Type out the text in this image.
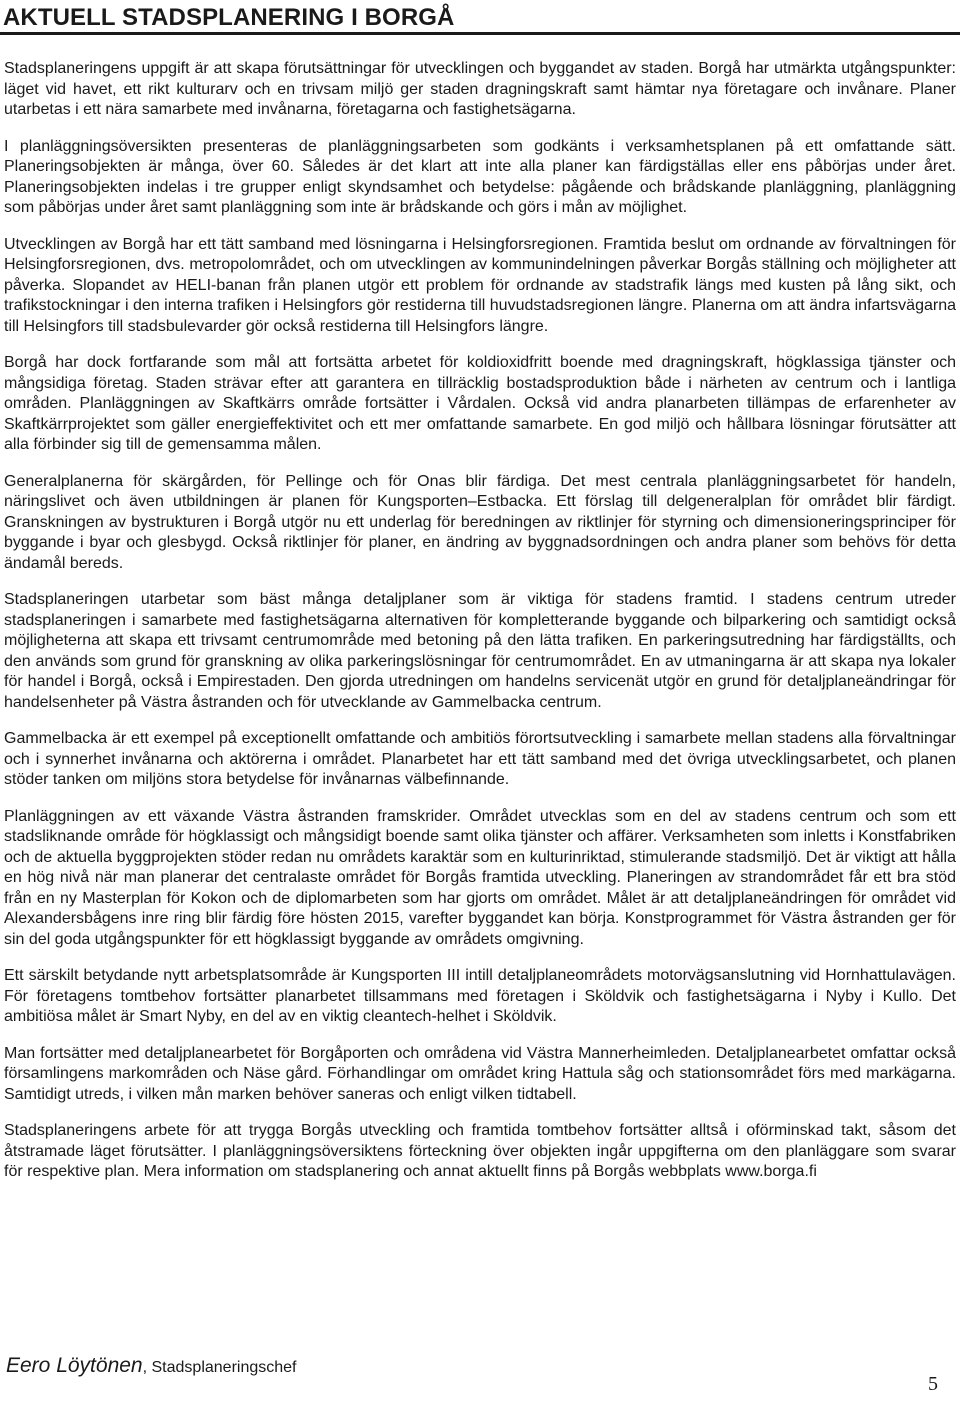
AKTUELL STADSPLANERING I BORGÅ

Stadsplaneringens uppgift är att skapa förutsättningar för utvecklingen och byggandet av staden. Borgå har utmärkta utgångspunkter: läget vid havet, ett rikt kulturarv och en trivsam miljö ger staden dragningskraft samt hämtar nya företagare och invånare. Planer utarbetas i ett nära samarbete med invånarna, företagarna och fastighetsägarna.

I planläggningsöversikten presenteras de planläggningsarbeten som godkänts i verksamhetsplanen på ett omfattande sätt. Planeringsobjekten är många, över 60. Således är det klart att inte alla planer kan färdigställas eller ens påbörjas under året. Planeringsobjekten indelas i tre grupper enligt skyndsamhet och betydelse: pågående och brådskande planläggning, planläggning som påbörjas under året samt planläggning som inte är brådskande och görs i mån av möjlighet.

Utvecklingen av Borgå har ett tätt samband med lösningarna i Helsingforsregionen. Framtida beslut om ordnande av förvaltningen för Helsingforsregionen, dvs. metropolområdet, och om utvecklingen av kommunindelningen påverkar Borgås ställning och möjligheter att påverka. Slopandet av HELI-banan från planen utgör ett problem för ordnande av stadstrafik längs med kusten på lång sikt, och trafikstockningar i den interna trafiken i Helsingfors gör restiderna till huvudstadsregionen längre. Planerna om att ändra infartsvägarna till Helsingfors till stadsbulevarder gör också restiderna till Helsingfors längre.

Borgå har dock fortfarande som mål att fortsätta arbetet för koldioxidfritt boende med dragningskraft, högklassiga tjänster och mångsidiga företag. Staden strävar efter att garantera en tillräcklig bostadsproduktion både i närheten av centrum och i lantliga områden. Planläggningen av Skaftkärrs område fortsätter i Vårdalen. Också vid andra planarbeten tillämpas de erfarenheter av Skaftkärrprojektet som gäller energieffektivitet och ett mer omfattande samarbete. En god miljö och hållbara lösningar förutsätter att alla förbinder sig till de gemensamma målen.

Generalplanerna för skärgården, för Pellinge och för Onas blir färdiga. Det mest centrala planläggningsarbetet för handeln, näringslivet och även utbildningen är planen för Kungsporten–Estbacka. Ett förslag till delgeneralplan för området blir färdigt. Granskningen av bystrukturen i Borgå utgör nu ett underlag för beredningen av riktlinjer för styrning och dimensioneringsprinciper för byggande i byar och glesbygd. Också riktlinjer för planer, en ändring av byggnadsordningen och andra planer som behövs för detta ändamål bereds.

Stadsplaneringen utarbetar som bäst många detaljplaner som är viktiga för stadens framtid. I stadens centrum utreder stadsplaneringen i samarbete med fastighetsägarna alternativen för kompletterande byggande och bilparkering och samtidigt också möjligheterna att skapa ett trivsamt centrumområde med betoning på den lätta trafiken. En parkeringsutredning har färdigställts, och den används som grund för granskning av olika parkeringslösningar för centrumområdet. En av utmaningarna är att skapa nya lokaler för handel i Borgå, också i Empirestaden. Den gjorda utredningen om handelns servicenät utgör en grund för detaljplaneändringar för handelsenheter på Västra åstranden och för utvecklande av Gammelbacka centrum.

Gammelbacka är ett exempel på exceptionellt omfattande och ambitiös förortsutveckling i samarbete mellan stadens alla förvaltningar och i synnerhet invånarna och aktörerna i området. Planarbetet har ett tätt samband med det övriga utvecklingsarbetet, och planen stöder tanken om miljöns stora betydelse för invånarnas välbefinnande.

Planläggningen av ett växande Västra åstranden framskrider. Området utvecklas som en del av stadens centrum och som ett stadsliknande område för högklassigt och mångsidigt boende samt olika tjänster och affärer. Verksamheten som inletts i Konstfabriken och de aktuella byggprojekten stöder redan nu områdets karaktär som en kulturinriktad, stimulerande stadsmiljö. Det är viktigt att hålla en hög nivå när man planerar det centralaste området för Borgås framtida utveckling. Planeringen av strandområdet får ett bra stöd från en ny Masterplan för Kokon och de diplomarbeten som har gjorts om området. Målet är att detaljplaneändringen för området vid Alexandersbågens inre ring blir färdig före hösten 2015, varefter byggandet kan börja. Konstprogrammet för Västra åstranden ger för sin del goda utgångspunkter för ett högklassigt byggande av områdets omgivning.

Ett särskilt betydande nytt arbetsplatsområde är Kungsporten III intill detaljplaneområdets motorvägsanslutning vid Hornhattulavägen. För företagens tomtbehov fortsätter planarbetet tillsammans med företagen i Sköldvik och fastighetsägarna i Nyby i Kullo. Det ambitiösa målet är Smart Nyby, en del av en viktig cleantech-helhet i Sköldvik.

Man fortsätter med detaljplanearbetet för Borgåporten och områdena vid Västra Mannerheimleden. Detaljplanearbetet omfattar också församlingens markområden och Näse gård. Förhandlingar om området kring Hattula såg och stationsområdet förs med markägarna. Samtidigt utreds, i vilken mån marken behöver saneras och enligt vilken tidtabell.

Stadsplaneringens arbete för att trygga Borgås utveckling och framtida tomtbehov fortsätter alltså i oförminskad takt, såsom det åtstramade läget förutsätter. I planläggningsöversiktens förteckning över objekten ingår uppgifterna om den planläggare som svarar för respektive plan. Mera information om stadsplanering och annat aktuellt finns på Borgås webbplats www.borga.fi

Eero Löytönen, Stadsplaneringschef

5
